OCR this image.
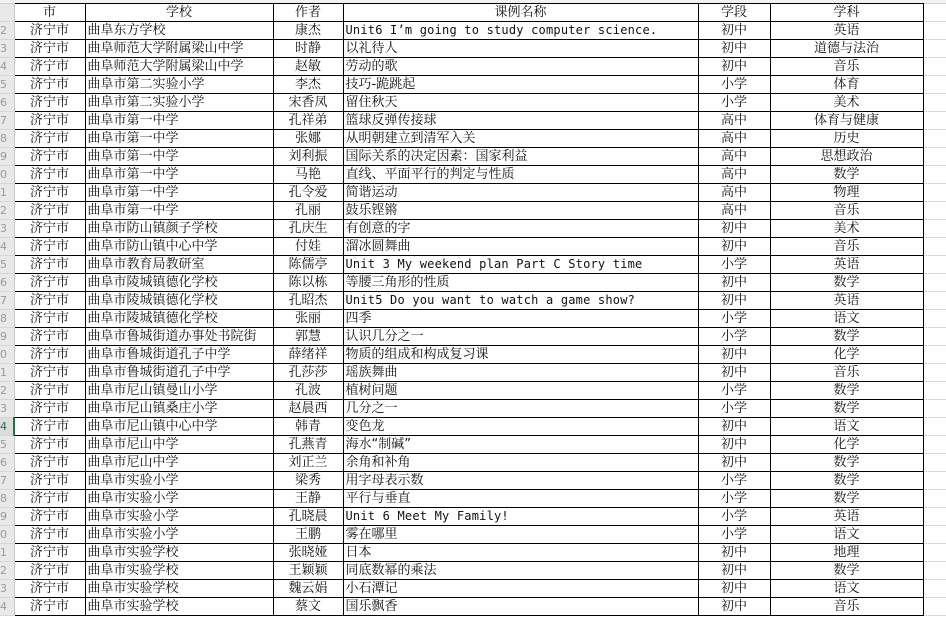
	市	学校	作者	课例名称	学段	学科	
2	济宁市	曲阜东方学校	康杰	Unit6 I’m going to study computer science.	初中	英语	
3	济宁市	曲阜师范大学附属梁山中学	时静	以礼待人	初中	道德与法治	
4	济宁市	曲阜师范大学附属梁山中学	赵敏	劳动的歌	初中	音乐	
5	济宁市	曲阜市第二实验小学	李杰	技巧-跪跳起	小学	体育	
6	济宁市	曲阜市第二实验小学	宋香凤	留住秋天	小学	美术	
7	济宁市	曲阜市第一中学	孔祥弟	篮球反弹传接球	高中	体育与健康	
8	济宁市	曲阜市第一中学	张娜	从明朝建立到清军入关	高中	历史	
9	济宁市	曲阜市第一中学	刘利振	国际关系的决定因素：国家利益	高中	思想政治	
0	济宁市	曲阜市第一中学	马艳	直线、平面平行的判定与性质	高中	数学	
1	济宁市	曲阜市第一中学	孔令爱	简谐运动	高中	物理	
2	济宁市	曲阜市第一中学	孔丽	鼓乐铿锵	高中	音乐	
3	济宁市	曲阜市防山镇颜子学校	孔庆生	有创意的字	初中	美术	
4	济宁市	曲阜市防山镇中心中学	付娃	溜冰圆舞曲	初中	音乐	
5	济宁市	曲阜市教育局教研室	陈儒亭	Unit 3 My weekend plan Part C Story time	小学	英语	
6	济宁市	曲阜市陵城镇德化学校	陈以栋	等腰三角形的性质	初中	数学	
7	济宁市	曲阜市陵城镇德化学校	孔昭杰	Unit5 Do you want to watch a game show?	初中	英语	
8	济宁市	曲阜市陵城镇德化学校	张丽	四季	小学	语文	
9	济宁市	曲阜市鲁城街道办事处书院街	郭慧	认识几分之一	小学	数学	
0	济宁市	曲阜市鲁城街道孔子中学	薛绪祥	物质的组成和构成复习课	初中	化学	
1	济宁市	曲阜市鲁城街道孔子中学	孔莎莎	瑶族舞曲	初中	音乐	
2	济宁市	曲阜市尼山镇曼山小学	孔波	植树问题	小学	数学	
3	济宁市	曲阜市尼山镇桑庄小学	赵晨西	几分之一	小学	数学	
4	济宁市	曲阜市尼山镇中心中学	韩青	变色龙	初中	语文	
5	济宁市	曲阜市尼山中学	孔燕青	海水“制碱”	初中	化学	
6	济宁市	曲阜市尼山中学	刘正兰	余角和补角	初中	数学	
7	济宁市	曲阜市实验小学	梁秀	用字母表示数	小学	数学	
8	济宁市	曲阜市实验小学	王静	平行与垂直	小学	数学	
9	济宁市	曲阜市实验小学	孔晓晨	Unit 6 Meet My Family!	小学	英语	
0	济宁市	曲阜市实验小学	王鹏	雾在哪里	小学	语文	
1	济宁市	曲阜市实验学校	张晓娅	日本	初中	地理	
2	济宁市	曲阜市实验学校	王颖颖	同底数幂的乘法	初中	数学	
3	济宁市	曲阜市实验学校	魏云娟	小石潭记	初中	语文	
4	济宁市	曲阜市实验学校	蔡文	国乐飘香	初中	音乐	
